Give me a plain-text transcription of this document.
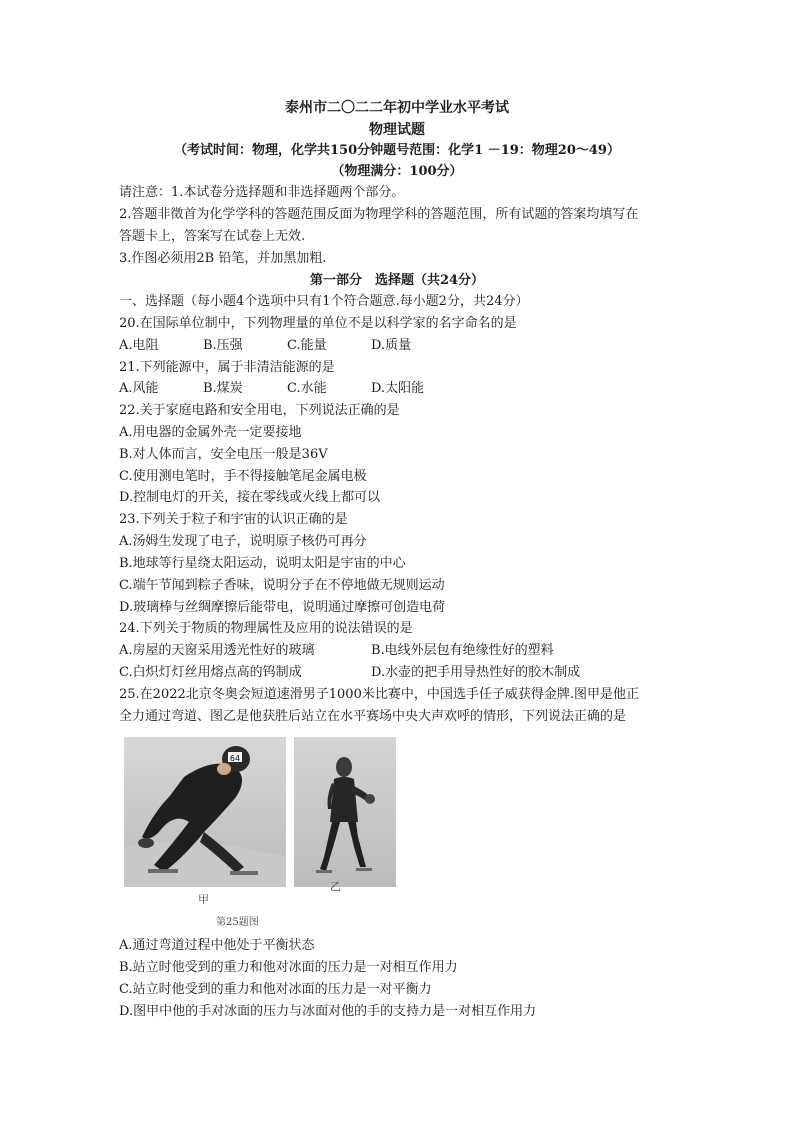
泰州市二〇二二年初中学业水平考试
物理试题
（考试时间：物理，化学共150分钟题号范围：化学1 －19：物理20～49）
（物理满分：100分）
请注意：1.本试卷分选择题和非选择题两个部分。
2.答题非徵首为化学学科的答题范围反面为物理学科的答题范围，所有试题的答案均填写在
答题卡上，答案写在试卷上无效.
3.作图必须用2B 铅笔，并加黑加粗.
第一部分　选择题（共24分）
一、选择题（每小题4个选项中只有1个符合题意.每小题2分，共24分）
20.在国际单位制中，下列物理量的单位不是以科学家的名字命名的是
A.电阻	B.压强	C.能量	D.质量
21.下列能源中，属于非清洁能源的是
A.风能	B.煤炭	C.水能	D.太阳能
22.关于家庭电路和安全用电，下列说法正确的是
A.用电器的金属外壳一定要接地
B.对人体而言，安全电压一般是36V
C.使用测电笔时，手不得接触笔尾金属电极
D.控制电灯的开关，接在零线或火线上都可以
23.下列关于粒子和宇宙的认识正确的是
A.汤姆生发现了电子，说明原子核仍可再分
B.地球等行星绕太阳运动，说明太阳是宇宙的中心
C.端午节闻到粽子香味，说明分子在不停地做无规则运动
D.玻璃棒与丝绸摩擦后能带电，说明通过摩擦可创造电荷
24.下列关于物质的物理属性及应用的说法错误的是
A.房屋的天窗采用透光性好的玻璃	B.电线外层包有绝缘性好的塑料
C.白炽灯灯丝用熔点高的钨制成	D.水壶的把手用导热性好的胶木制成
25.在2022北京冬奥会短道速滑男子1000米比赛中，中国选手任子威获得金牌.图甲是他正
全力通过弯道、图乙是他获胜后站立在水平赛场中央大声欢呼的情形，下列说法正确的是
64
甲
乙
第25题图
A.通过弯道过程中他处于平衡状态
B.站立时他受到的重力和他对冰面的压力是一对相互作用力
C.站立时他受到的重力和他对冰面的压力是一对平衡力
D.图甲中他的手对冰面的压力与冰面对他的手的支持力是一对相互作用力
